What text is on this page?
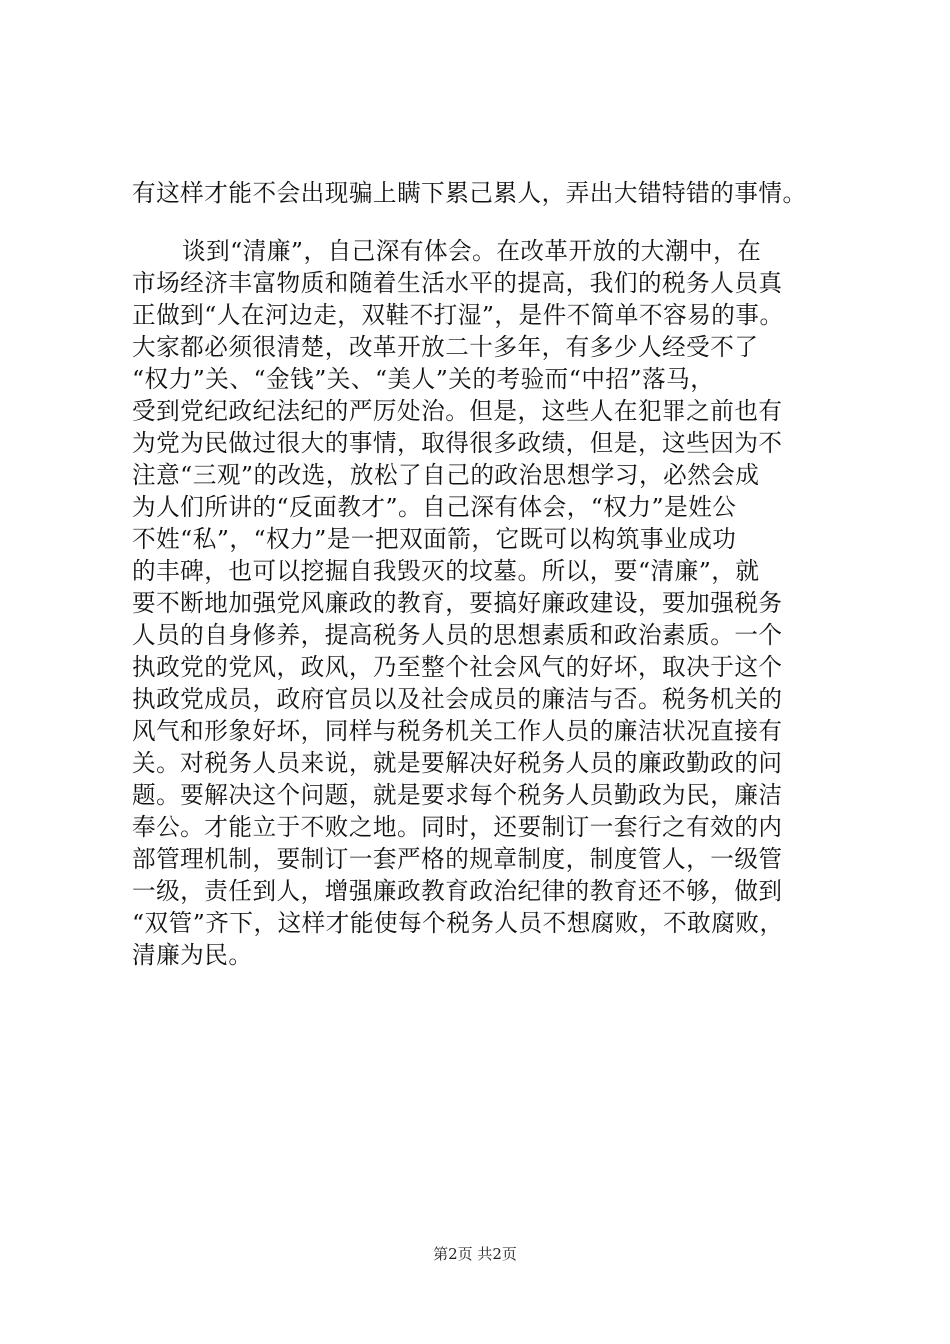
有这样才能不会出现骗上瞒下累己累人，弄出大错特错的事情。
谈到“清廉”，自己深有体会。在改革开放的大潮中，在
市场经济丰富物质和随着生活水平的提高，我们的税务人员真
正做到“人在河边走，双鞋不打湿”，是件不简单不容易的事。
大家都必须很清楚，改革开放二十多年，有多少人经受不了
“权力”关、“金钱”关、“美人”关的考验而“中招”落马，
受到党纪政纪法纪的严厉处治。但是，这些人在犯罪之前也有
为党为民做过很大的事情，取得很多政绩，但是，这些因为不
注意“三观”的改选，放松了自己的政治思想学习，必然会成
为人们所讲的“反面教才”。自己深有体会，“权力”是姓公
不姓“私”，“权力”是一把双面箭，它既可以构筑事业成功
的丰碑，也可以挖掘自我毁灭的坟墓。所以，要“清廉”，就
要不断地加强党风廉政的教育，要搞好廉政建设，要加强税务
人员的自身修养，提高税务人员的思想素质和政治素质。一个
执政党的党风，政风，乃至整个社会风气的好坏，取决于这个
执政党成员，政府官员以及社会成员的廉洁与否。税务机关的
风气和形象好坏，同样与税务机关工作人员的廉洁状况直接有
关。对税务人员来说，就是要解决好税务人员的廉政勤政的问
题。要解决这个问题，就是要求每个税务人员勤政为民，廉洁
奉公。才能立于不败之地。同时，还要制订一套行之有效的内
部管理机制，要制订一套严格的规章制度，制度管人，一级管
一级，责任到人，增强廉政教育政治纪律的教育还不够，做到
“双管”齐下，这样才能使每个税务人员不想腐败，不敢腐败，
清廉为民。
第2页 共2页
